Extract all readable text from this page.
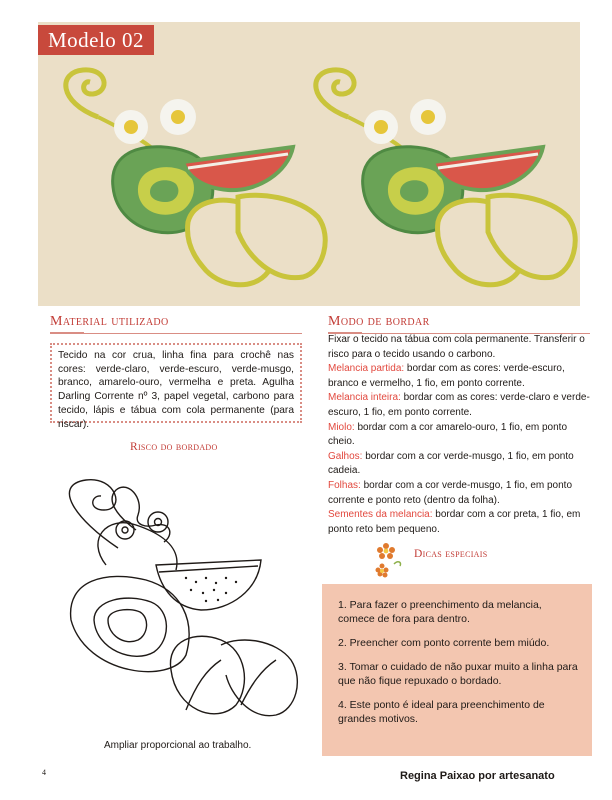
Modelo 02
Material utilizado

Tecido na cor crua, linha fina para crochê nas cores: verde-claro, verde-escuro, verde-musgo, branco, amarelo-ouro, vermelha e preta. Agulha Darling Corrente nº 3, papel vegetal, carbono para tecido, lápis e tábua com cola permanente (para riscar).

Risco do bordado
Ampliar proporcional ao trabalho.
Modo de bordar

Fixar o tecido na tábua com cola permanente. Transferir o risco para o tecido usando o carbono.

Melancia partida: bordar com as cores: verde-escuro, branco e vermelho, 1 fio, em ponto corrente.

Melancia inteira: bordar com as cores: verde-claro e verde-escuro, 1 fio, em ponto corrente.

Miolo: bordar com a cor amarelo-ouro, 1 fio, em ponto cheio.

Galhos: bordar com a cor verde-musgo, 1 fio, em ponto cadeia.

Folhas: bordar com a cor verde-musgo, 1 fio, em ponto corrente e ponto reto (dentro da folha).

Sementes da melancia: bordar com a cor preta, 1 fio, em ponto reto bem pequeno.

Dicas especiais
1. Para fazer o preenchimento da melancia, comece de fora para dentro.
2. Preencher com ponto corrente bem miúdo.
3. Tomar o cuidado de não puxar muito a linha para que não fique repuxado o bordado.
4. Este ponto é ideal para preenchimento de grandes motivos.
4	Regina Paixao por artesanato
